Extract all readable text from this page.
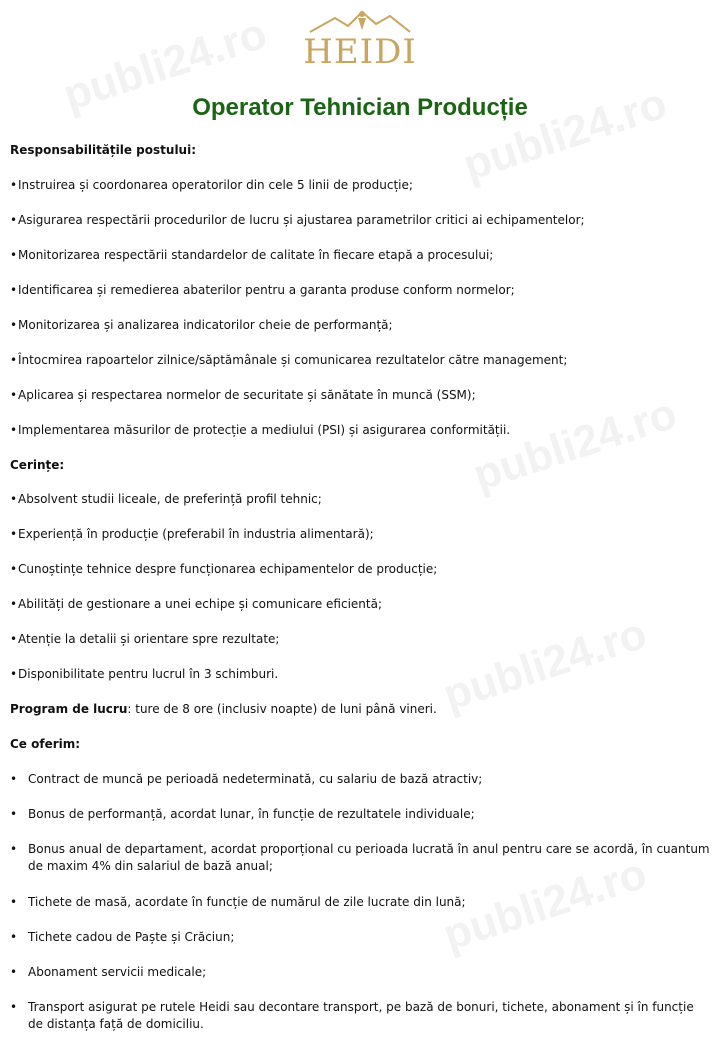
publi24.ro
publi24.ro
publi24.ro
publi24.ro
publi24.ro
HEIDI
Operator Tehnician Producție
Responsabilitățile postului:
•Instruirea și coordonarea operatorilor din cele 5 linii de producție;
•Asigurarea respectării procedurilor de lucru și ajustarea parametrilor critici ai echipamentelor;
•Monitorizarea respectării standardelor de calitate în fiecare etapă a procesului;
•Identificarea și remedierea abaterilor pentru a garanta produse conform normelor;
•Monitorizarea și analizarea indicatorilor cheie de performanță;
•Întocmirea rapoartelor zilnice/săptămânale și comunicarea rezultatelor către management;
•Aplicarea și respectarea normelor de securitate și sănătate în muncă (SSM);
•Implementarea măsurilor de protecție a mediului (PSI) și asigurarea conformității.
Cerințe:
•Absolvent studii liceale, de preferință profil tehnic;
•Experiență în producție (preferabil în industria alimentară);
•Cunoștințe tehnice despre funcționarea echipamentelor de producție;
•Abilități de gestionare a unei echipe și comunicare eficientă;
•Atenție la detalii și orientare spre rezultate;
•Disponibilitate pentru lucrul în 3 schimburi.
Program de lucru: ture de 8 ore (inclusiv noapte) de luni până vineri.
Ce oferim:
• Contract de muncă pe perioadă nedeterminată, cu salariu de bază atractiv;
• Bonus de performanță, acordat lunar, în funcție de rezultatele individuale;
• Bonus anual de departament, acordat proporțional cu perioada lucrată în anul pentru care se acordă, în cuantum de maxim 4% din salariul de bază anual;
• Tichete de masă, acordate în funcție de numărul de zile lucrate din lună;
• Tichete cadou de Paște și Crăciun;
• Abonament servicii medicale;
• Transport asigurat pe rutele Heidi sau decontare transport, pe bază de bonuri, tichete, abonament și în funcție de distanța față de domiciliu.
